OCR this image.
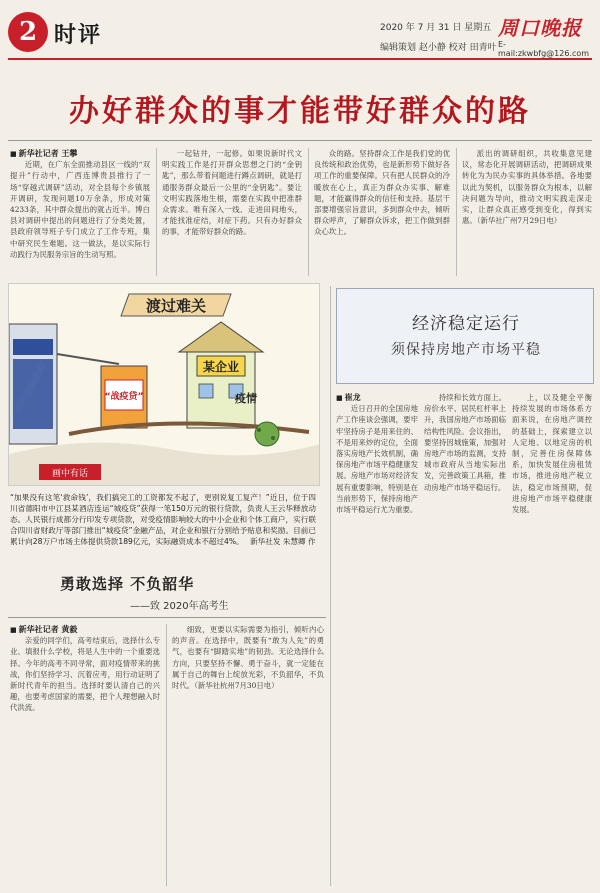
2 时评	2020 年 7 月 31 日 星期五 周口晚报
编辑策划 赵小静 校对 田青叶 E-mail:zkwbfg@126.com
办好群众的事才能带好群众的路
■ 新华社记者 王攀

近期，在广东全面推动县区一线的“双提升”行动中，广西连博贵县推行了一场“穿越式调研”活动，对全县每个乡镇展开调研，发现问题10万余条，形成对策4233条，其中群众提出的就占近半。博白县对调研中提出的问题进行了分类处置，县政府领导班子专门成立了工作专班，集中研究民生难题。这一做法，是以实际行动践行为民服务宗旨的生动写照。

一起钻井，一起修。如果说新时代文明实践工作是打开群众思想之门的“金钥匙”，那么带着问题进行蹲点调研，就是打通服务群众最后一公里的“金钥匙”。要让文明实践落地生根，需要在实践中把准群众需求。唯有深入一线、走进田间地头，才能找准症结，对症下药。只有办好群众的事，才能带好群众的路。

众的路。坚持群众工作是我们党的优良传统和政治优势，也是新形势下做好各项工作的重要保障。只有把人民群众的冷暖放在心上，真正为群众办实事、解难题，才能赢得群众的信任和支持。基层干部要增强宗旨意识，多到群众中去，倾听群众呼声，了解群众诉求，把工作做到群众心坎上。

派出的调研组织，共收集意见建议，常态化开展调研活动，把调研成果转化为为民办实事的具体举措。各地要以此为契机，以服务群众为根本，以解决问题为导向，推动文明实践走深走实，让群众真正感受到变化，得到实惠。（新华社广州7月29日电）

渡过难关
“战疫贷”
某企业
疫情
画中有话
“加果没有这笔‘救命钱’，我们搞完工的工资都发不起了，更别说复工复产！”近日，位于四川省德阳市中江县某酒店连运“城疫贷”获得一笔150万元的银行贷款，负责人王云华释放动态。人民银行成都分行印发专项贷款，对受疫情影响较大的中小企业和个体工商户，实行联合四川省财政厅等部门推出“城疫贷”金融产品，对企业和银行分别给予贴息和奖励。目前已累计向28万户市场主体提供贷款189亿元，实际融资成本不超过4%。 新华社发 朱慧卿 作
经济稳定运行
须保持房地产市场平稳
■ 崔龙

近日召开的全国房地产工作座谈会强调，要牢牢坚持房子是用来住的、不是用来炒的定位，全面落实房地产长效机制，确保房地产市场平稳健康发展。房地产市场对经济发展有重要影响，特别是在当前形势下，保持房地产市场平稳运行尤为重要。

持续和长效方面上。房价水平、居民杠杆率上升，我国房地产市场面临结构性风险。会议指出，要坚持因城施策，加强对房地产市场的监测，支持城市政府从当地实际出发，完善政策工具箱，推动房地产市场平稳运行。

上，以及健全平衡持续发展的市场体系方面来说，在房地产调控的基础上，探索建立以人定地、以地定房的机制，完善住房保障体系，加快发展住房租赁市场，推进房地产税立法，稳定市场预期，促进房地产市场平稳健康发展。

勇敢选择 不负韶华
——致 2020年高考生
■ 新华社记者 黄毅

亲爱的同学们，高考结束后，选择什么专业、填报什么学校，将是人生中的一个重要选择。今年的高考不同寻常，面对疫情带来的挑战，你们坚持学习、沉着应考，用行动证明了新时代青年的担当。选择时要认清自己的兴趣，也要考虑国家的需要，把个人理想融入时代洪流。

细致，更要以实际需要为指引，倾听内心的声音。在选择中，既要有“敢为人先”的勇气，也要有“脚踏实地”的韧劲。无论选择什么方向，只要坚持不懈、勇于奋斗，就一定能在属于自己的舞台上绽放光彩，不负韶华，不负时代。（新华社杭州7月30日电）
